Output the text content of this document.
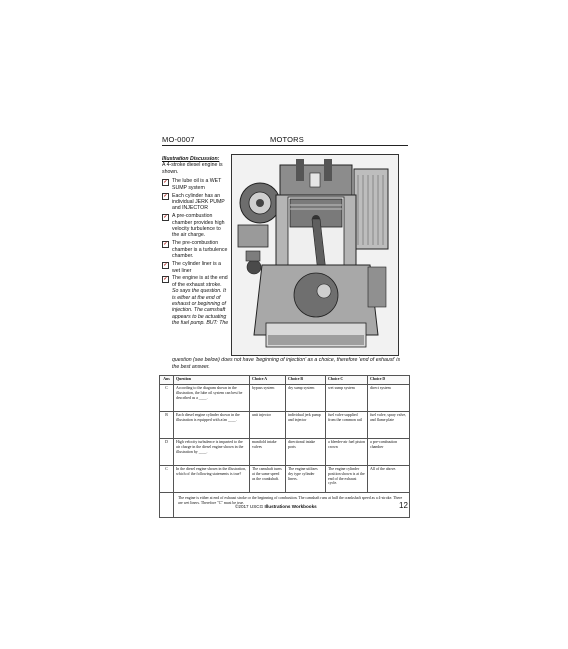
MO-0007	MOTORS
Illustration Discussion:
A 4-stroke diesel engine is shown.
✓ The lube oil is a WET SUMP system
✓ Each cylinder has an individual JERK PUMP and INJECTOR
✓ A pre-combustion chamber provides high velocity turbulence to the air charge.
✓ The pre-combustion chamber is a turbulence chamber.
✓ The cylinder liner is a wet liner
✓ The engine is at the end of the exhaust stroke. So says the question. It is either at the end of exhaust or beginning of injection. The camshaft appears to be actuating the fuel pump. BUT: The
question (see below) does not have 'beginning of injection' as a choice, therefore 'end of exhaust' is the best answer.
Ans	Question	Choice A	Choice B	Choice C	Choice D
C	According to the diagram shown in the illustration, the lube oil system can best be described as a ____.	bypass system	dry sump system	wet sump system	direct system
B	Each diesel engine cylinder shown in the illustration is equipped with a/an ____.	unit injector	individual jerk pump and injector	fuel valve supplied from the common rail	fuel valve, spray valve, and flame plate
D	High velocity turbulence is imparted to the air charge in the diesel engine shown in the illustration by ____.	manifold intake valves	directional intake ports	a bleeder-air fuel piston crown	a pre-combustion chamber
C	In the diesel engine shown in the illustration, which of the following statements is true?	The camshaft turns at the same speed as the crankshaft.	The engine utilizes dry type cylinder liners.	The engine cylinder position shown is at the end of the exhaust cycle.	All of the above.
	The engine is either at end of exhaust stroke or the beginning of combustion. The camshaft runs at half the crankshaft speed as a 4-stroke. There are wet liners. Therefore "C" must be true.				
©2017 USCG Illustrations Workbooks	12
